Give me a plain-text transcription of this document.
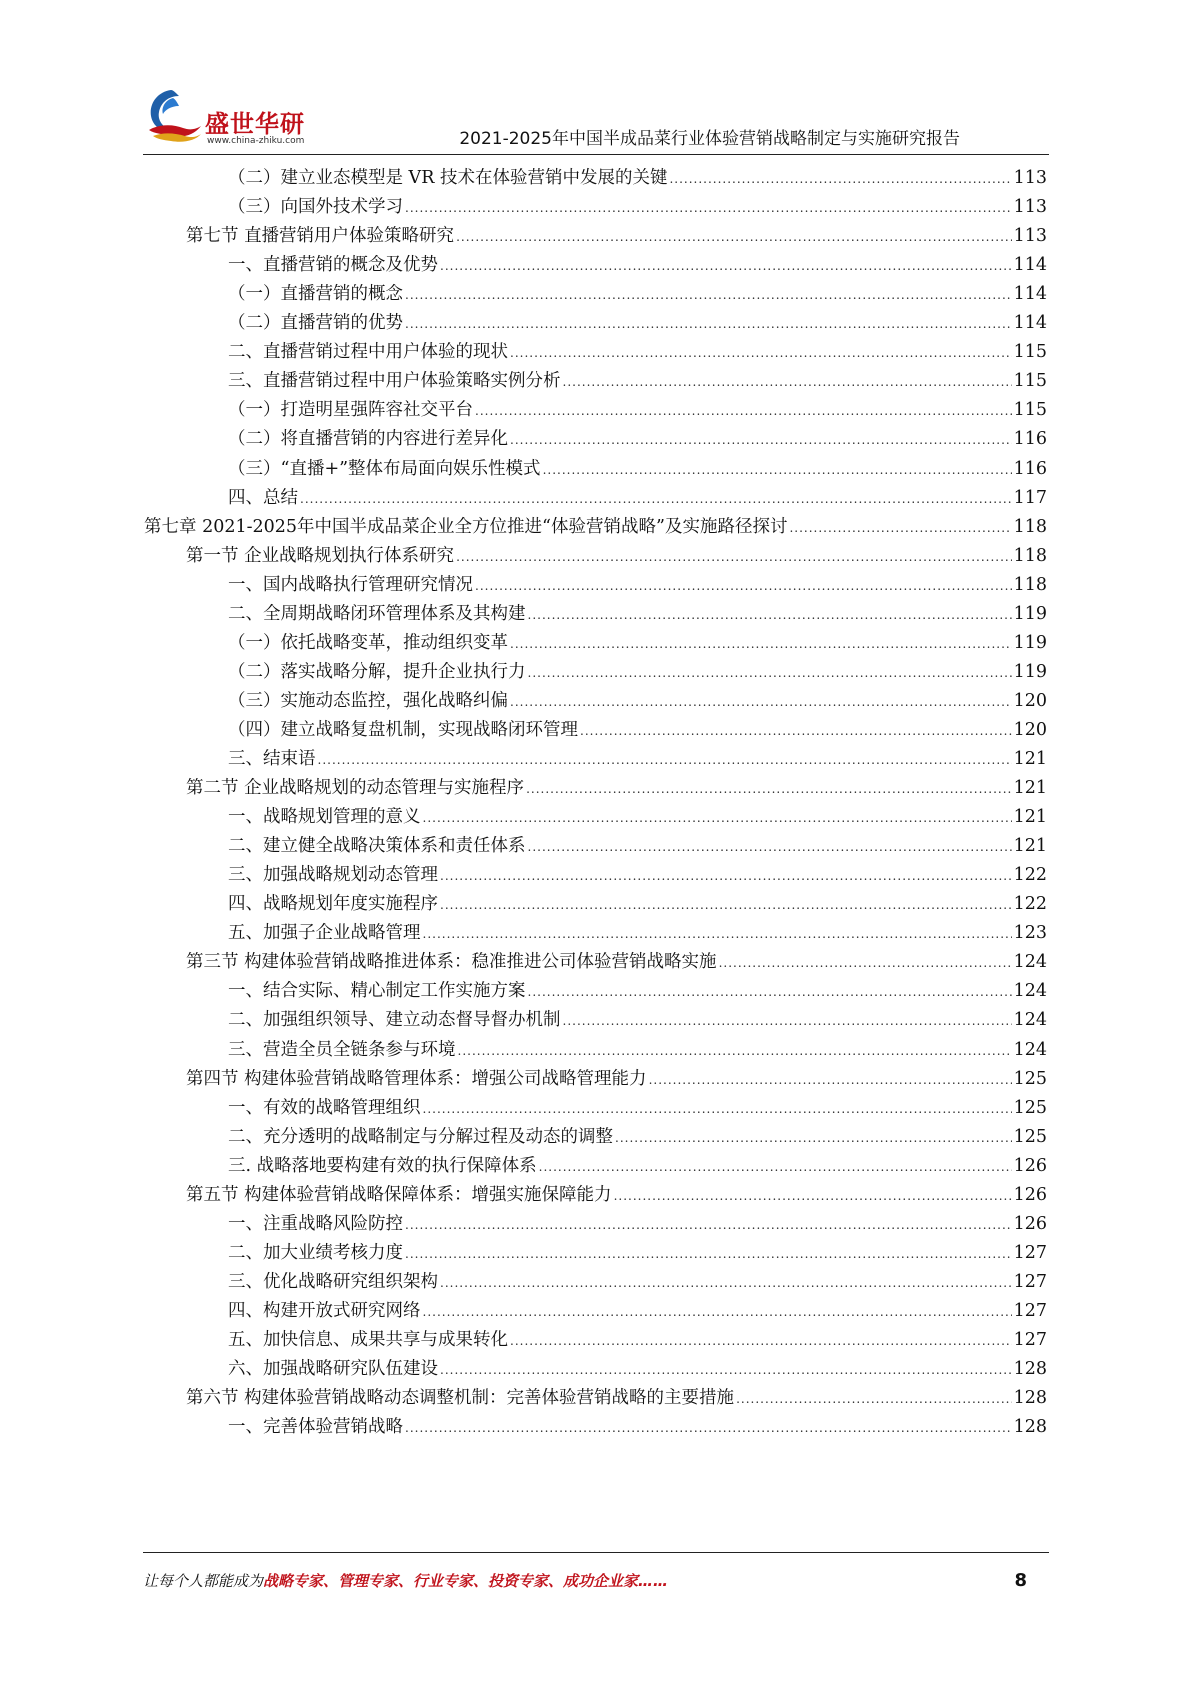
盛世华研
www.china-zhiku.com	2021-2025年中国半成品菜行业体验营销战略制定与实施研究报告
（二）建立业态模型是 VR 技术在体验营销中发展的关键 .....	113
（三）向国外技术学习 .....	113
第七节 直播营销用户体验策略研究 .....	113
一、直播营销的概念及优势 .....	114
（一）直播营销的概念 .....	114
（二）直播营销的优势 .....	114
二、直播营销过程中用户体验的现状 .....	115
三、直播营销过程中用户体验策略实例分析 .....	115
（一）打造明星强阵容社交平台 .....	115
（二）将直播营销的内容进行差异化 .....	116
（三）“直播+”整体布局面向娱乐性模式 .....	116
四、总结 .....	117
第七章 2021-2025年中国半成品菜企业全方位推进“体验营销战略”及实施路径探讨 .....	118
第一节 企业战略规划执行体系研究 .....	118
一、国内战略执行管理研究情况 .....	118
二、全周期战略闭环管理体系及其构建 .....	119
（一）依托战略变革，推动组织变革 .....	119
（二）落实战略分解，提升企业执行力 .....	119
（三）实施动态监控，强化战略纠偏 .....	120
（四）建立战略复盘机制，实现战略闭环管理 .....	120
三、结束语 .....	121
第二节 企业战略规划的动态管理与实施程序 .....	121
一、战略规划管理的意义 .....	121
二、建立健全战略决策体系和责任体系 .....	121
三、加强战略规划动态管理 .....	122
四、战略规划年度实施程序 .....	122
五、加强子企业战略管理 .....	123
第三节 构建体验营销战略推进体系：稳准推进公司体验营销战略实施 .....	124
一、结合实际、精心制定工作实施方案 .....	124
二、加强组织领导、建立动态督导督办机制 .....	124
三、营造全员全链条参与环境 .....	124
第四节 构建体验营销战略管理体系：增强公司战略管理能力 .....	125
一、有效的战略管理组织 .....	125
二、充分透明的战略制定与分解过程及动态的调整 .....	125
三. 战略落地要构建有效的执行保障体系 .....	126
第五节 构建体验营销战略保障体系：增强实施保障能力 .....	126
一、注重战略风险防控 .....	126
二、加大业绩考核力度 .....	127
三、优化战略研究组织架构 .....	127
四、构建开放式研究网络 .....	127
五、加快信息、成果共享与成果转化 .....	127
六、加强战略研究队伍建设 .....	128
第六节 构建体验营销战略动态调整机制：完善体验营销战略的主要措施 .....	128
一、完善体验营销战略 .....	128
让每个人都能成为战略专家、管理专家、行业专家、投资专家、成功企业家……	8
